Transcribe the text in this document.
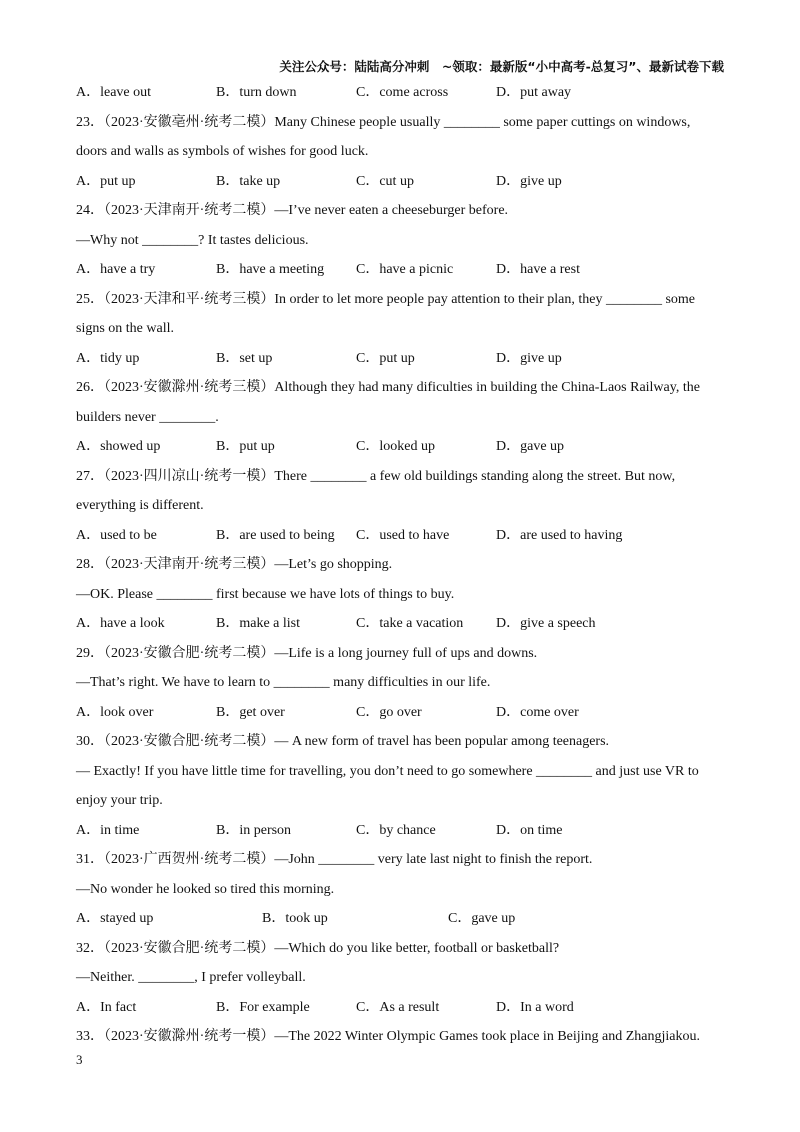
关注公众号：陆陆高分冲刺　~领取：最新版“小中高考-总复习”、最新试卷下载
A．leave out	B．turn down	C．come across	D．put away
23．（2023·安徽亳州·统考二模）Many Chinese people usually ________ some paper cuttings on windows,
doors and walls as symbols of wishes for good luck.
A．put up	B．take up	C．cut up	D．give up
24．（2023·天津南开·统考二模）—I’ve never eaten a cheeseburger before.
—Why not ________? It tastes delicious.
A．have a try	B．have a meeting	C．have a picnic	D．have a rest
25．（2023·天津和平·统考三模）In order to let more people pay attention to their plan, they ________ some
signs on the wall.
A．tidy up	B．set up	C．put up	D．give up
26．（2023·安徽滁州·统考三模）Although they had many dificulties in building the China-Laos Railway, the
builders never ________.
A．showed up	B．put up	C．looked up	D．gave up
27．（2023·四川凉山·统考一模）There ________ a few old buildings standing along the street. But now,
everything is different.
A．used to be	B．are used to being	C．used to have	D．are used to having
28．（2023·天津南开·统考三模）—Let’s go shopping.
—OK. Please ________ first because we have lots of things to buy.
A．have a look	B．make a list	C．take a vacation	D．give a speech
29．（2023·安徽合肥·统考二模）—Life is a long journey full of ups and downs.
—That’s right. We have to learn to ________ many difficulties in our life.
A．look over	B．get over	C．go over	D．come over
30．（2023·安徽合肥·统考二模）— A new form of travel has been popular among teenagers.
— Exactly! If you have little time for travelling, you don’t need to go somewhere ________ and just use VR to
enjoy your trip.
A．in time	B．in person	C．by chance	D．on time
31．（2023·广西贺州·统考二模）—John ________ very late last night to finish the report.
—No wonder he looked so tired this morning.
A．stayed up	B．took up	C．gave up
32．（2023·安徽合肥·统考二模）—Which do you like better, football or basketball?
—Neither. ________, I prefer volleyball.
A．In fact	B．For example	C．As a result	D．In a word
33．（2023·安徽滁州·统考一模）—The 2022 Winter Olympic Games took place in Beijing and Zhangjiakou.
3
